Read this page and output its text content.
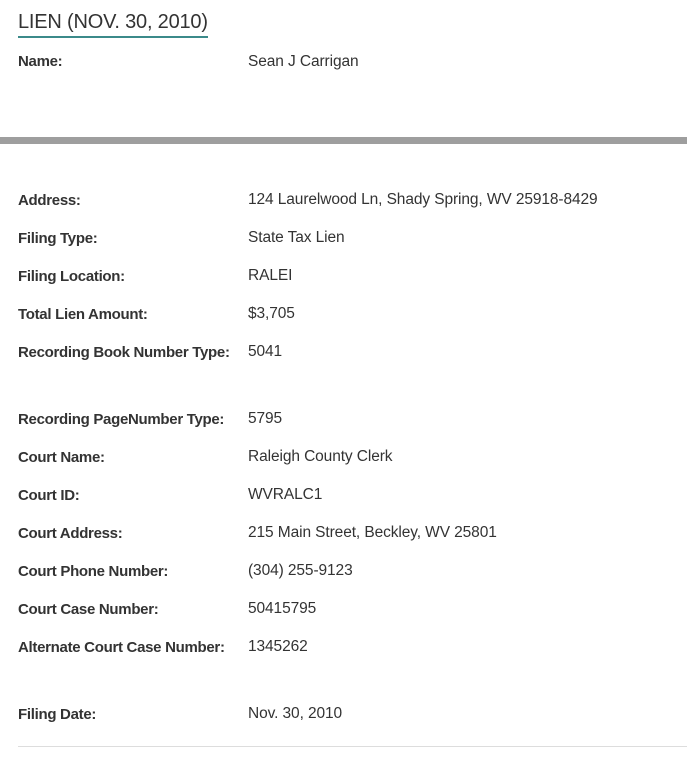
LIEN (NOV. 30, 2010)
Name:	Sean J Carrigan
Address:	124 Laurelwood Ln, Shady Spring, WV 25918-8429
Filing Type:	State Tax Lien
Filing Location:	RALEI
Total Lien Amount:	$3,705
Recording Book Number Type:	5041
Recording PageNumber Type:	5795
Court Name:	Raleigh County Clerk
Court ID:	WVRALC1
Court Address:	215 Main Street, Beckley, WV 25801
Court Phone Number:	(304) 255-9123
Court Case Number:	50415795
Alternate Court Case Number:	1345262
Filing Date:	Nov. 30, 2010
